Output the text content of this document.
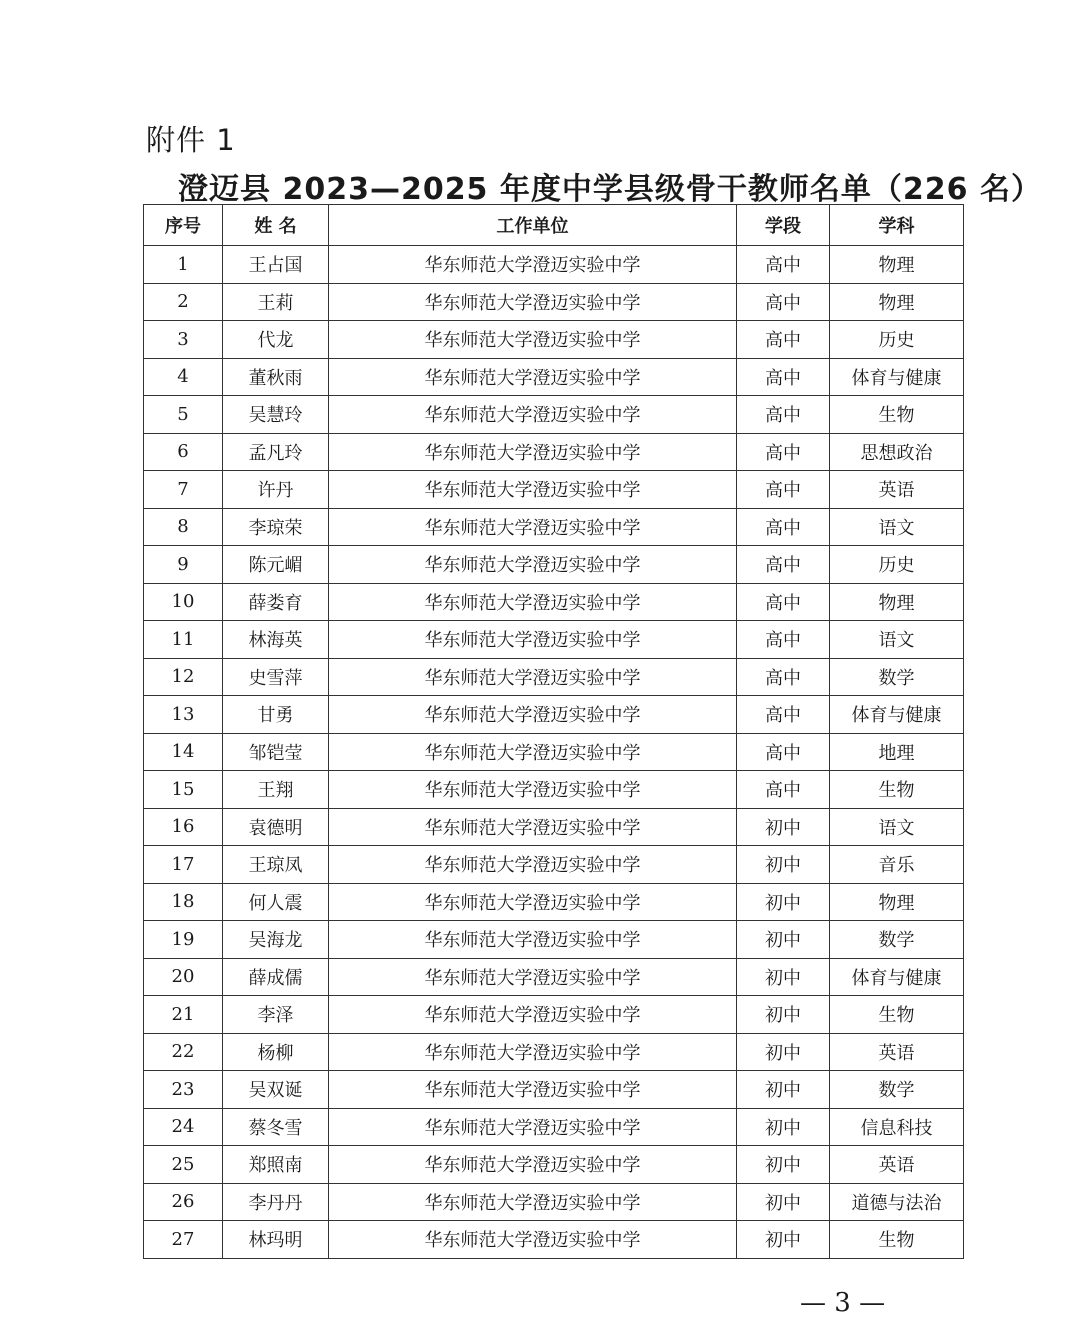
附件 1
澄迈县 2023—2025 年度中学县级骨干教师名单（226 名）
序号	姓 名	工作单位	学段	学科
1	王占国	华东师范大学澄迈实验中学	高中	物理
2	王莉	华东师范大学澄迈实验中学	高中	物理
3	代龙	华东师范大学澄迈实验中学	高中	历史
4	董秋雨	华东师范大学澄迈实验中学	高中	体育与健康
5	吴慧玲	华东师范大学澄迈实验中学	高中	生物
6	孟凡玲	华东师范大学澄迈实验中学	高中	思想政治
7	许丹	华东师范大学澄迈实验中学	高中	英语
8	李琼荣	华东师范大学澄迈实验中学	高中	语文
9	陈元嵋	华东师范大学澄迈实验中学	高中	历史
10	薛娄育	华东师范大学澄迈实验中学	高中	物理
11	林海英	华东师范大学澄迈实验中学	高中	语文
12	史雪萍	华东师范大学澄迈实验中学	高中	数学
13	甘勇	华东师范大学澄迈实验中学	高中	体育与健康
14	邹铠莹	华东师范大学澄迈实验中学	高中	地理
15	王翔	华东师范大学澄迈实验中学	高中	生物
16	袁德明	华东师范大学澄迈实验中学	初中	语文
17	王琼凤	华东师范大学澄迈实验中学	初中	音乐
18	何人震	华东师范大学澄迈实验中学	初中	物理
19	吴海龙	华东师范大学澄迈实验中学	初中	数学
20	薛成儒	华东师范大学澄迈实验中学	初中	体育与健康
21	李泽	华东师范大学澄迈实验中学	初中	生物
22	杨柳	华东师范大学澄迈实验中学	初中	英语
23	吴双诞	华东师范大学澄迈实验中学	初中	数学
24	蔡冬雪	华东师范大学澄迈实验中学	初中	信息科技
25	郑照南	华东师范大学澄迈实验中学	初中	英语
26	李丹丹	华东师范大学澄迈实验中学	初中	道德与法治
27	林玛明	华东师范大学澄迈实验中学	初中	生物
— 3 —
